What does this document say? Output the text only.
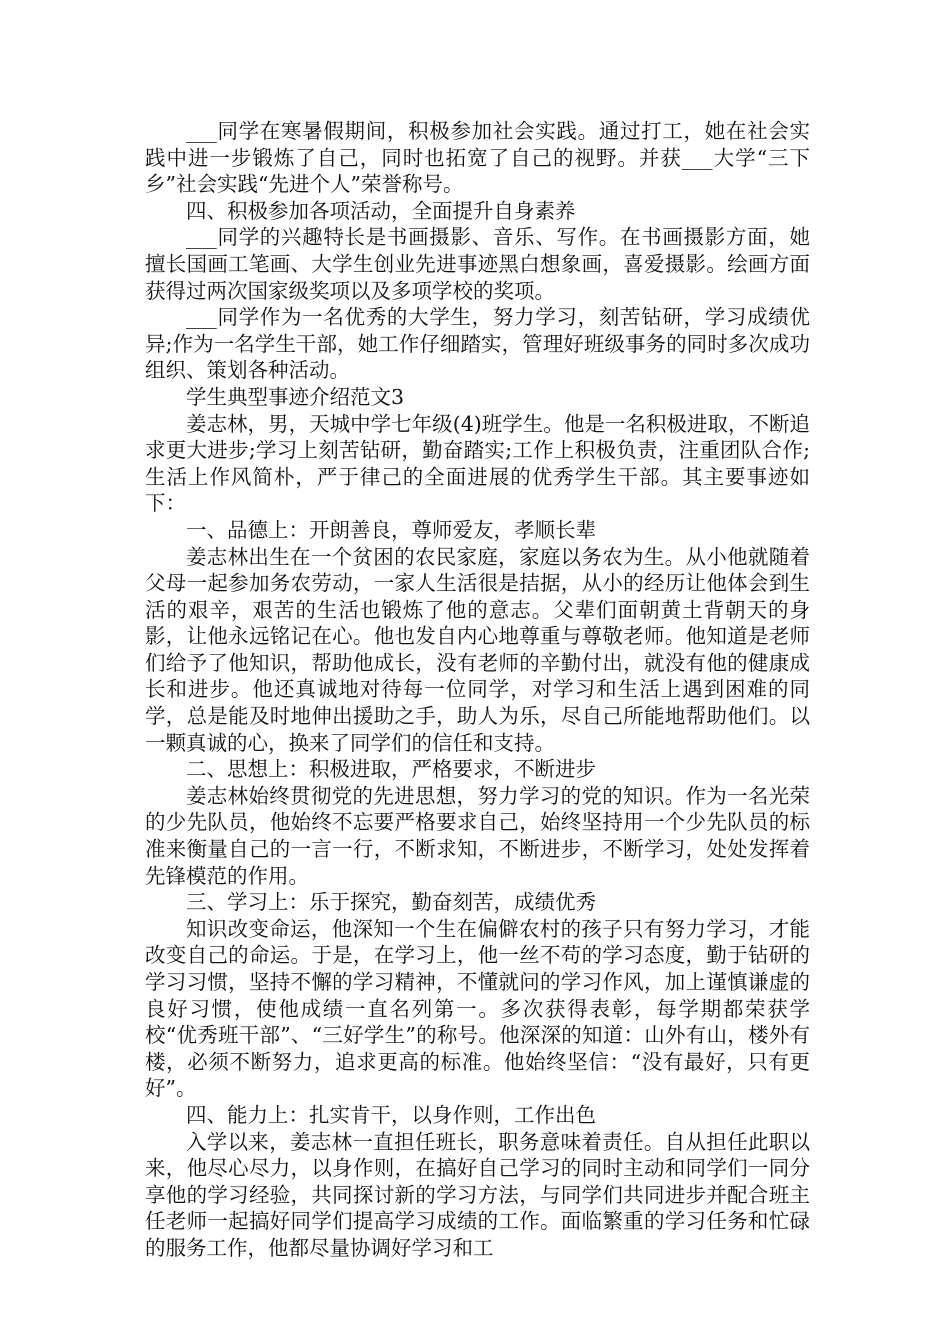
___同学在寒暑假期间，积极参加社会实践。通过打工，她在社会实践中进一步锻炼了自己，同时也拓宽了自己的视野。并获___大学“三下乡”社会实践“先进个人”荣誉称号。

四、积极参加各项活动，全面提升自身素养

___同学的兴趣特长是书画摄影、音乐、写作。在书画摄影方面，她擅长国画工笔画、大学生创业先进事迹黑白想象画，喜爱摄影。绘画方面获得过两次国家级奖项以及多项学校的奖项。

___同学作为一名优秀的大学生，努力学习，刻苦钻研，学习成绩优异;作为一名学生干部，她工作仔细踏实，管理好班级事务的同时多次成功组织、策划各种活动。

学生典型事迹介绍范文3

姜志林，男，天城中学七年级(4)班学生。他是一名积极进取，不断追求更大进步;学习上刻苦钻研，勤奋踏实;工作上积极负责，注重团队合作;生活上作风简朴，严于律己的全面进展的优秀学生干部。其主要事迹如下：

一、品德上：开朗善良，尊师爱友，孝顺长辈

姜志林出生在一个贫困的农民家庭，家庭以务农为生。从小他就随着父母一起参加务农劳动，一家人生活很是拮据，从小的经历让他体会到生活的艰辛，艰苦的生活也锻炼了他的意志。父辈们面朝黄土背朝天的身影，让他永远铭记在心。他也发自内心地尊重与尊敬老师。他知道是老师们给予了他知识，帮助他成长，没有老师的辛勤付出，就没有他的健康成长和进步。他还真诚地对待每一位同学，对学习和生活上遇到困难的同学，总是能及时地伸出援助之手，助人为乐，尽自己所能地帮助他们。以一颗真诚的心，换来了同学们的信任和支持。

二、思想上：积极进取，严格要求，不断进步

姜志林始终贯彻党的先进思想，努力学习的党的知识。作为一名光荣的少先队员，他始终不忘要严格要求自己，始终坚持用一个少先队员的标准来衡量自己的一言一行，不断求知，不断进步，不断学习，处处发挥着先锋模范的作用。

三、学习上：乐于探究，勤奋刻苦，成绩优秀

知识改变命运，他深知一个生在偏僻农村的孩子只有努力学习，才能改变自己的命运。于是，在学习上，他一丝不苟的学习态度，勤于钻研的学习习惯，坚持不懈的学习精神，不懂就问的学习作风，加上谨慎谦虚的良好习惯，使他成绩一直名列第一。多次获得表彰，每学期都荣获学校“优秀班干部”、“三好学生”的称号。他深深的知道：山外有山，楼外有楼，必须不断努力，追求更高的标准。他始终坚信：“没有最好，只有更好”。

四、能力上：扎实肯干，以身作则，工作出色

入学以来，姜志林一直担任班长，职务意味着责任。自从担任此职以来，他尽心尽力，以身作则，在搞好自己学习的同时主动和同学们一同分享他的学习经验，共同探讨新的学习方法，与同学们共同进步并配合班主任老师一起搞好同学们提高学习成绩的工作。面临繁重的学习任务和忙碌的服务工作，他都尽量协调好学习和工
